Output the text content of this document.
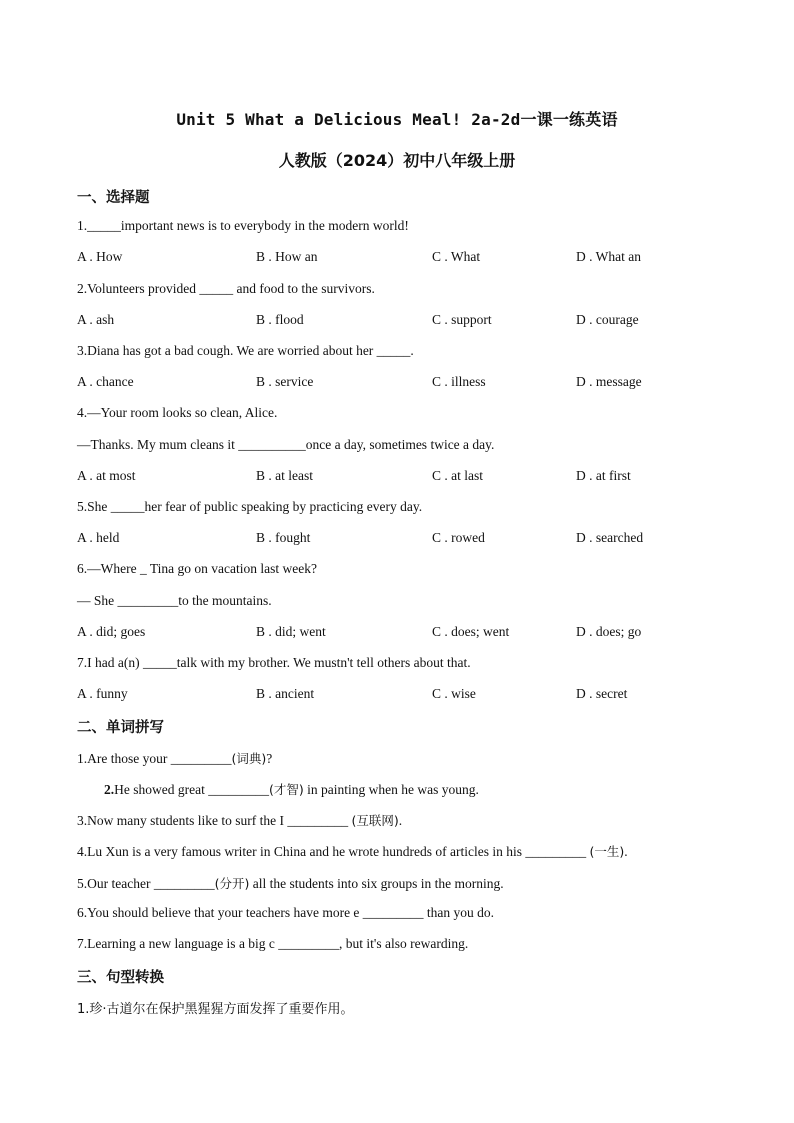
Unit 5 What a Delicious Meal! 2a-2d一课一练英语
人教版（2024）初中八年级上册
一、选择题
1._____important news is to everybody in the modern world!
A . How	B . How an	C . What	D . What an
2.Volunteers provided _____ and food to the survivors.
A . ash	B . flood	C . support	D . courage
3.Diana has got a bad cough. We are worried about her _____.
A . chance	B . service	C . illness	D . message
4.—Your room looks so clean, Alice.
—Thanks. My mum cleans it __________once a day, sometimes twice a day.
A . at most	B . at least	C . at last	D . at first
5.She _____her fear of public speaking by practicing every day.
A . held	B . fought	C . rowed	D . searched
6.—Where _ Tina go on vacation last week?
— She _________to the mountains.
A . did; goes	B . did; went	C . does; went	D . does; go
7.I had a(n) _____talk with my brother. We mustn't tell others about that.
A . funny	B . ancient	C . wise	D . secret
二、单词拼写
1.Are those your _________(词典)?
2.He showed great _________(才智) in painting when he was young.
3.Now many students like to surf the I _________ (互联网).
4.Lu Xun is a very famous writer in China and he wrote hundreds of articles in his _________ (一生).
5.Our teacher _________(分开) all the students into six groups in the morning.
6.You should believe that your teachers have more e _________ than you do.
7.Learning a new language is a big c _________, but it's also rewarding.
三、句型转换
1.珍·古道尔在保护黑猩猩方面发挥了重要作用。
